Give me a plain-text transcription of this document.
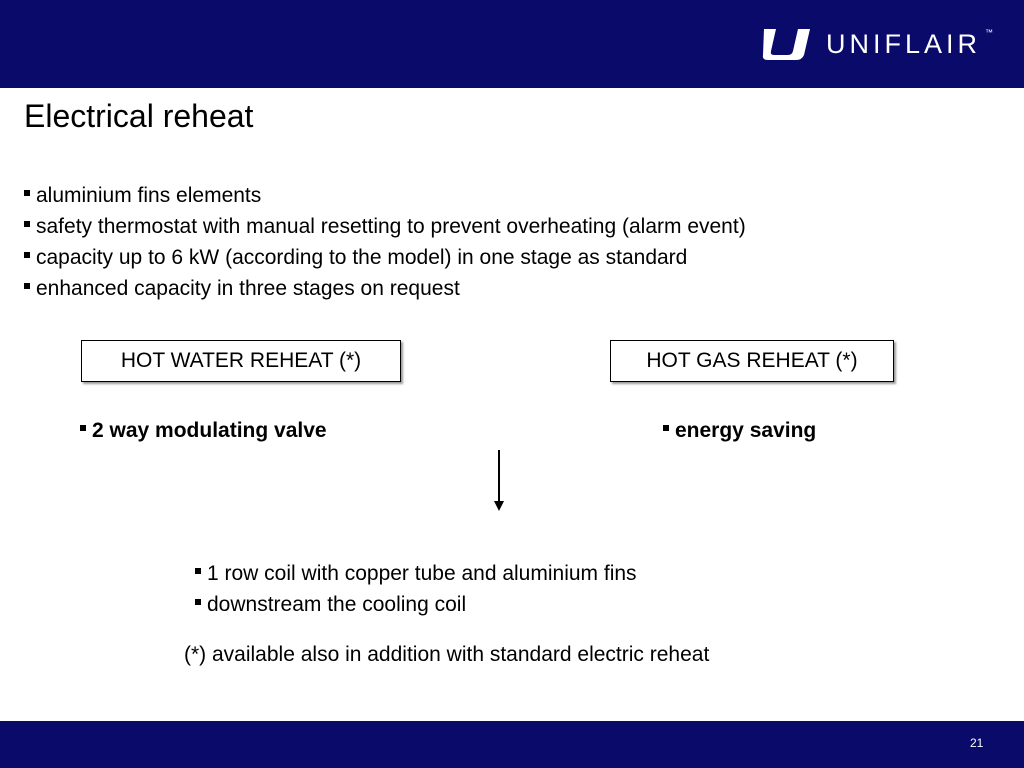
UNIFLAIR ™
Electrical reheat
aluminium fins elements
safety thermostat with manual resetting to prevent overheating (alarm event)
capacity up to 6 kW (according to the model) in one stage as standard
enhanced capacity in three stages on request
HOT WATER REHEAT (*)	HOT GAS REHEAT (*)
2 way modulating valve	energy saving
1 row coil with copper tube and aluminium fins
downstream the cooling coil
(*) available also in addition with standard electric reheat
21
